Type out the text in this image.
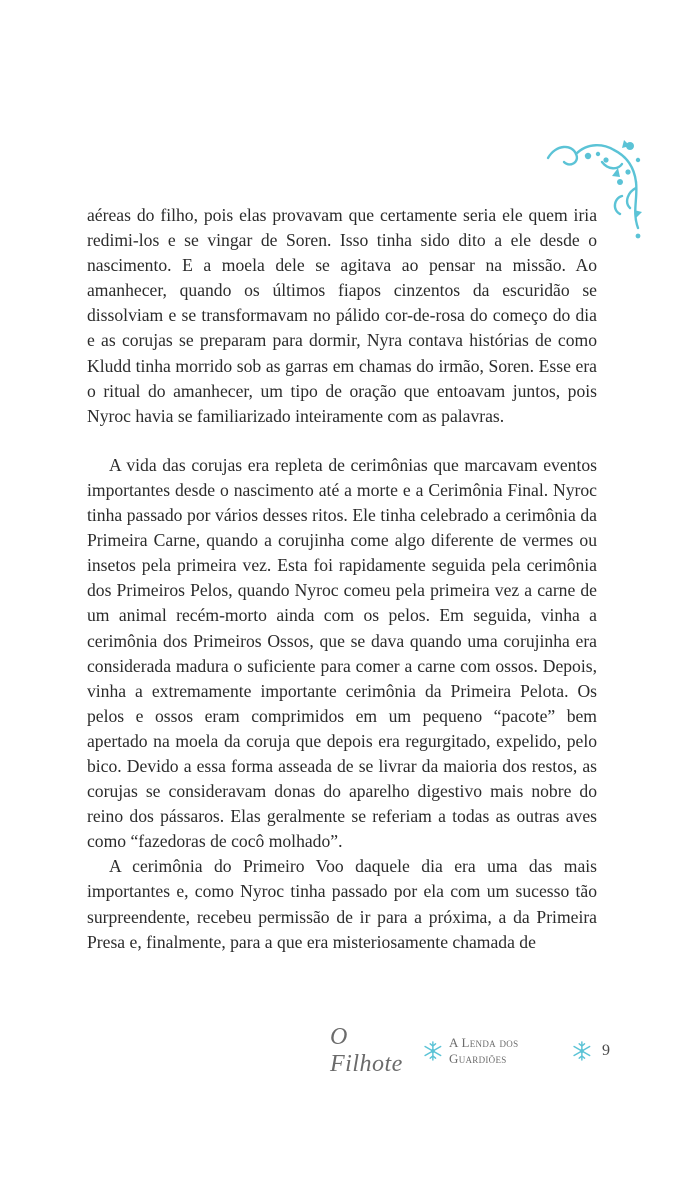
aéreas do filho, pois elas provavam que certamente seria ele quem iria redimi-los e se vingar de Soren. Isso tinha sido dito a ele desde o nascimento. E a moela dele se agitava ao pensar na missão. Ao amanhecer, quando os últimos fiapos cinzentos da escuridão se dissolviam e se transformavam no pálido cor-de-rosa do começo do dia e as corujas se preparam para dormir, Nyra contava histórias de como Kludd tinha morrido sob as garras em chamas do irmão, Soren. Esse era o ritual do amanhecer, um tipo de oração que entoavam juntos, pois Nyroc havia se familiarizado inteiramente com as palavras.

A vida das corujas era repleta de cerimônias que marcavam eventos importantes desde o nascimento até a morte e a Cerimônia Final. Nyroc tinha passado por vários desses ritos. Ele tinha celebrado a cerimônia da Primeira Carne, quando a corujinha come algo diferente de vermes ou insetos pela primeira vez. Esta foi rapidamente seguida pela cerimônia dos Primeiros Pelos, quando Nyroc comeu pela primeira vez a carne de um animal recém-morto ainda com os pelos. Em seguida, vinha a cerimônia dos Primeiros Ossos, que se dava quando uma corujinha era considerada madura o suficiente para comer a carne com ossos. Depois, vinha a extremamente importante cerimônia da Primeira Pelota. Os pelos e ossos eram comprimidos em um pequeno “pacote” bem apertado na moela da coruja que depois era regurgitado, expelido, pelo bico. Devido a essa forma asseada de se livrar da maioria dos restos, as corujas se consideravam donas do aparelho digestivo mais nobre do reino dos pássaros. Elas geralmente se referiam a todas as outras aves como “fazedoras de cocô molhado”.

A cerimônia do Primeiro Voo daquele dia era uma das mais importantes e, como Nyroc tinha passado por ela com um sucesso tão surpreendente, recebeu permissão de ir para a próxima, a da Primeira Presa e, finalmente, para a que era misteriosamente chamada de

O Filhote
A Lenda dos Guardiões	9
